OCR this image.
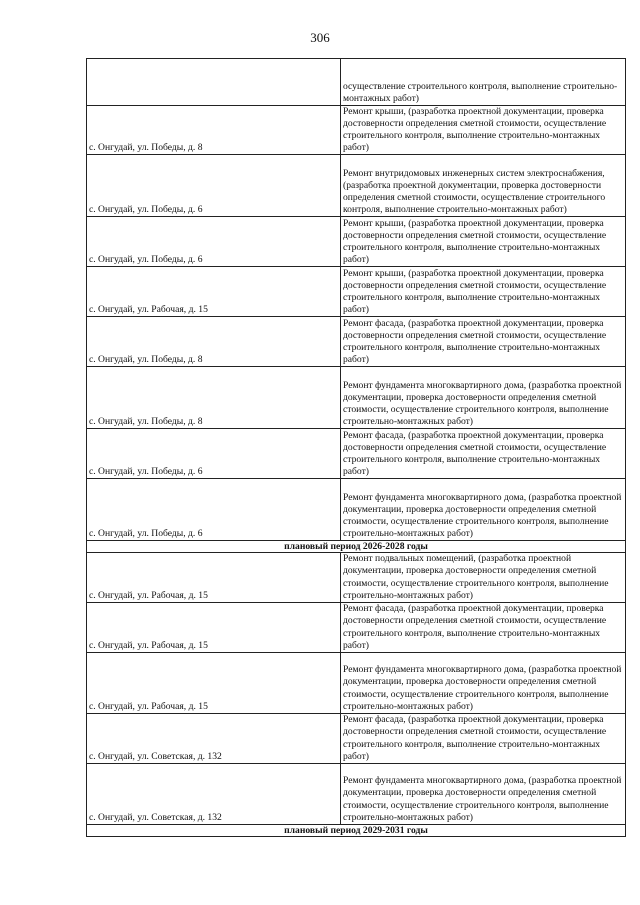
306
	осуществление строительного контроля, выполнение строительно-монтажных работ)
с. Онгудай, ул. Победы, д. 8	Ремонт крыши, (разработка проектной документации, проверка достоверности определения сметной стоимости, осуществление строительного контроля, выполнение строительно-монтажных работ)
с. Онгудай, ул. Победы, д. 6	Ремонт внутридомовых инженерных систем электроснабжения, (разработка проектной документации, проверка достоверности определения сметной стоимости, осуществление строительного контроля, выполнение строительно-монтажных работ)
с. Онгудай, ул. Победы, д. 6	Ремонт крыши, (разработка проектной документации, проверка достоверности определения сметной стоимости, осуществление строительного контроля, выполнение строительно-монтажных работ)
с. Онгудай, ул. Рабочая, д. 15	Ремонт крыши, (разработка проектной документации, проверка достоверности определения сметной стоимости, осуществление строительного контроля, выполнение строительно-монтажных работ)
с. Онгудай, ул. Победы, д. 8	Ремонт фасада, (разработка проектной документации, проверка достоверности определения сметной стоимости, осуществление строительного контроля, выполнение строительно-монтажных работ)
с. Онгудай, ул. Победы, д. 8	Ремонт фундамента многоквартирного дома, (разработка проектной документации, проверка достоверности определения сметной стоимости, осуществление строительного контроля, выполнение строительно-монтажных работ)
с. Онгудай, ул. Победы, д. 6	Ремонт фасада, (разработка проектной документации, проверка достоверности определения сметной стоимости, осуществление строительного контроля, выполнение строительно-монтажных работ)
с. Онгудай, ул. Победы, д. 6	Ремонт фундамента многоквартирного дома, (разработка проектной документации, проверка достоверности определения сметной стоимости, осуществление строительного контроля, выполнение строительно-монтажных работ)

плановый период 2026-2028 годы	

с. Онгудай, ул. Рабочая, д. 15	Ремонт подвальных помещений, (разработка проектной документации, проверка достоверности определения сметной стоимости, осуществление строительного контроля, выполнение строительно-монтажных работ)
с. Онгудай, ул. Рабочая, д. 15	Ремонт фасада, (разработка проектной документации, проверка достоверности определения сметной стоимости, осуществление строительного контроля, выполнение строительно-монтажных работ)
с. Онгудай, ул. Рабочая, д. 15	Ремонт фундамента многоквартирного дома, (разработка проектной документации, проверка достоверности определения сметной стоимости, осуществление строительного контроля, выполнение строительно-монтажных работ)
с. Онгудай, ул. Советская, д. 132	Ремонт фасада, (разработка проектной документации, проверка достоверности определения сметной стоимости, осуществление строительного контроля, выполнение строительно-монтажных работ)
с. Онгудай, ул. Советская, д. 132	Ремонт фундамента многоквартирного дома, (разработка проектной документации, проверка достоверности определения сметной стоимости, осуществление строительного контроля, выполнение строительно-монтажных работ)

плановый период 2029-2031 годы	
